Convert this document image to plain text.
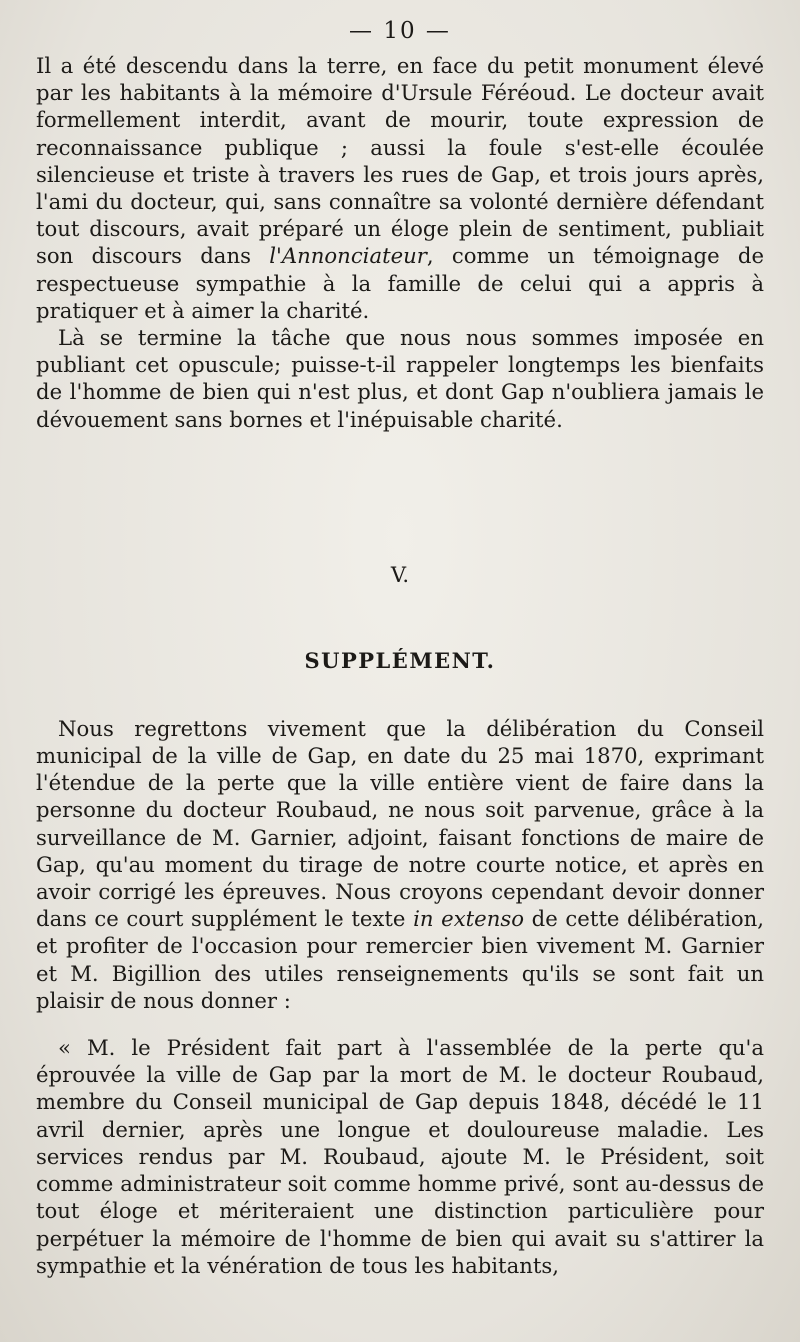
— 10 —

Il a été descendu dans la terre, en face du petit monument élevé par les habitants à la mémoire d'Ursule Féréoud. Le docteur avait formellement interdit, avant de mourir, toute expression de reconnaissance publique ; aussi la foule s'est-elle écoulée silencieuse et triste à travers les rues de Gap, et trois jours après, l'ami du docteur, qui, sans connaître sa volonté dernière défendant tout discours, avait préparé un éloge plein de sentiment, publiait son discours dans l'Annonciateur, comme un témoignage de respectueuse sympathie à la famille de celui qui a appris à pratiquer et à aimer la charité.

Là se termine la tâche que nous nous sommes imposée en publiant cet opuscule; puisse-t-il rappeler longtemps les bienfaits de l'homme de bien qui n'est plus, et dont Gap n'oubliera jamais le dévouement sans bornes et l'inépuisable charité.

V.
SUPPLÉMENT.

Nous regrettons vivement que la délibération du Conseil municipal de la ville de Gap, en date du 25 mai 1870, exprimant l'étendue de la perte que la ville entière vient de faire dans la personne du docteur Roubaud, ne nous soit parvenue, grâce à la surveillance de M. Garnier, adjoint, faisant fonctions de maire de Gap, qu'au moment du tirage de notre courte notice, et après en avoir corrigé les épreuves. Nous croyons cependant devoir donner dans ce court supplément le texte in extenso de cette délibération, et profiter de l'occasion pour remercier bien vivement M. Garnier et M. Bigillion des utiles renseignements qu'ils se sont fait un plaisir de nous donner :

« M. le Président fait part à l'assemblée de la perte qu'a éprouvée la ville de Gap par la mort de M. le docteur Roubaud, membre du Conseil municipal de Gap depuis 1848, décédé le 11 avril dernier, après une longue et douloureuse maladie. Les services rendus par M. Roubaud, ajoute M. le Président, soit comme administrateur soit comme homme privé, sont au-dessus de tout éloge et mériteraient une distinction particulière pour perpétuer la mémoire de l'homme de bien qui avait su s'attirer la sympathie et la vénération de tous les habitants,
